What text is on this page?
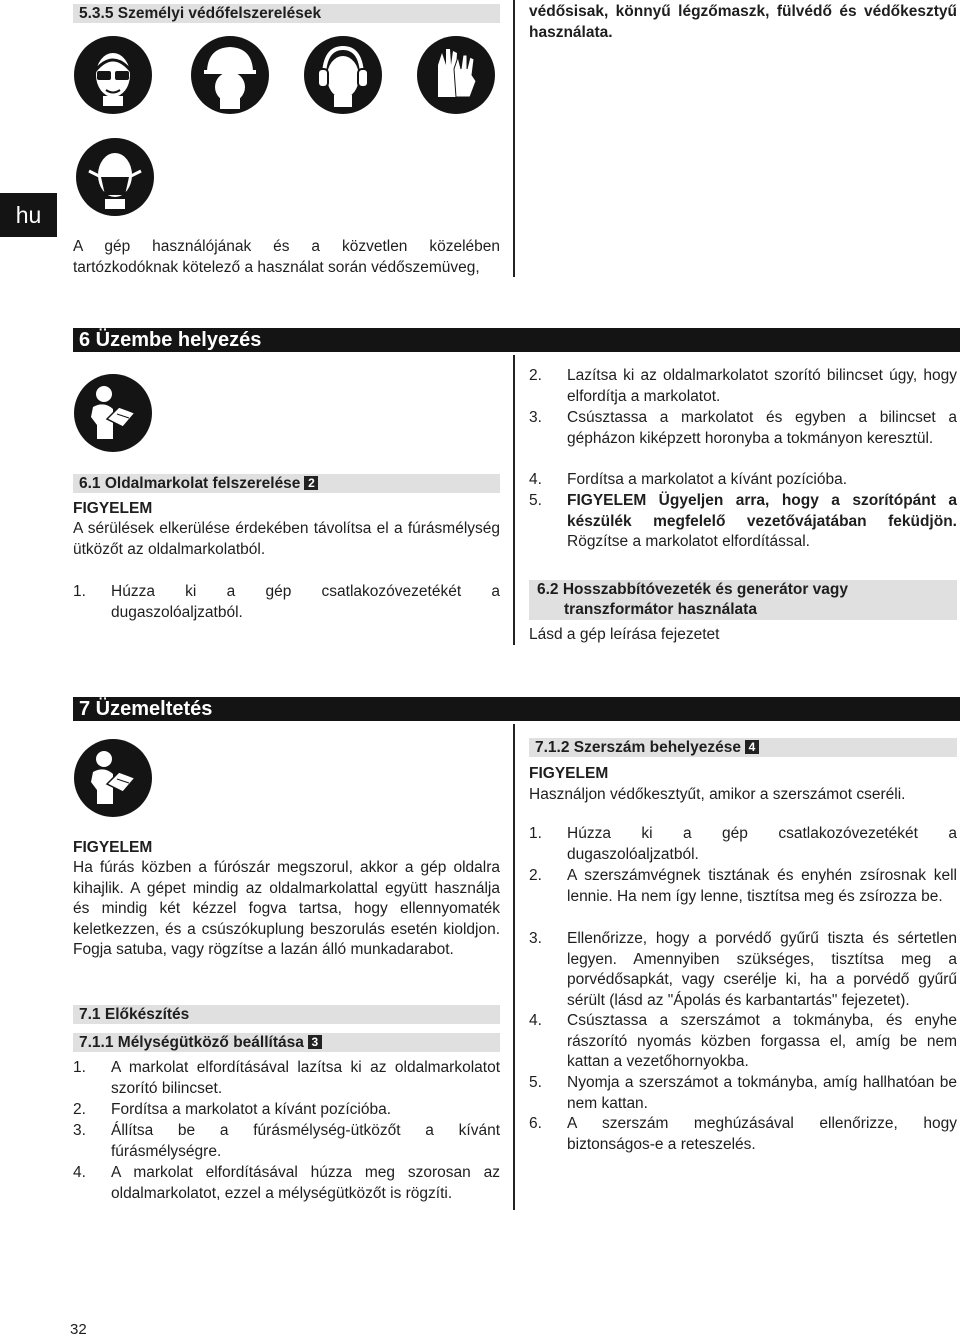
hu
5.3.5 Személyi védőfelszerelések
A gép használójának és a közvetlen közelében tartózkodóknak kötelező a használat során védőszemüveg,
védősisak, könnyű légzőmaszk, fülvédő és védőkesztyű használata.
6 Üzembe helyezés
6.1 Oldalmarkolat felszerelése 2
FIGYELEM
A sérülések elkerülése érdekében távolítsa el a fúrásmélység ütközőt az oldalmarkolatból.
1. Húzza ki a gép csatlakozóvezetékét a dugaszolóaljzatból.
2. Lazítsa ki az oldalmarkolatot szorító bilincset úgy, hogy elfordítja a markolatot.
3. Csúsztassa a markolatot és egyben a bilincset a gépházon kiképzett horonyba a tokmányon keresztül.
4. Fordítsa a markolatot a kívánt pozícióba.
5. FIGYELEM Ügyeljen arra, hogy a szorítópánt a készülék megfelelő vezetővájatában feküdjön. Rögzítse a markolatot elfordítással.
6.2 Hosszabbítóvezeték és generátor vagy
transzformátor használata
Lásd a gép leírása fejezetet
7 Üzemeltetés
FIGYELEM
Ha fúrás közben a fúrószár megszorul, akkor a gép oldalra kihajlik. A gépet mindig az oldalmarkolattal együtt használja és mindig két kézzel fogva tartsa, hogy ellennyomaték keletkezzen, és a csúszókuplung beszorulás esetén kioldjon. Fogja satuba, vagy rögzítse a lazán álló munkadarabot.
7.1 Előkészítés
7.1.1 Mélységütköző beállítása 3
1. A markolat elfordításával lazítsa ki az oldalmarkolatot szorító bilincset.
2. Fordítsa a markolatot a kívánt pozícióba.
3. Állítsa be a fúrásmélység-ütközőt a kívánt fúrásmélységre.
4. A markolat elfordításával húzza meg szorosan az oldalmarkolatot, ezzel a mélységütközőt is rögzíti.
7.1.2 Szerszám behelyezése 4
FIGYELEM
Használjon védőkesztyűt, amikor a szerszámot cseréli.
1. Húzza ki a gép csatlakozóvezetékét a dugaszolóaljzatból.
2. A szerszámvégnek tisztának és enyhén zsírosnak kell lennie. Ha nem így lenne, tisztítsa meg és zsírozza be.
3. Ellenőrizze, hogy a porvédő gyűrű tiszta és sértetlen legyen. Amennyiben szükséges, tisztítsa meg a porvédősapkát, vagy cserélje ki, ha a porvédő gyűrű sérült (lásd az "Ápolás és karbantartás" fejezetet).
4. Csúsztassa a szerszámot a tokmányba, és enyhe rászorító nyomás közben forgassa el, amíg be nem kattan a vezetőhornyokba.
5. Nyomja a szerszámot a tokmányba, amíg hallhatóan be nem kattan.
6. A szerszám meghúzásával ellenőrizze, hogy biztonságos-e a reteszelés.
32
